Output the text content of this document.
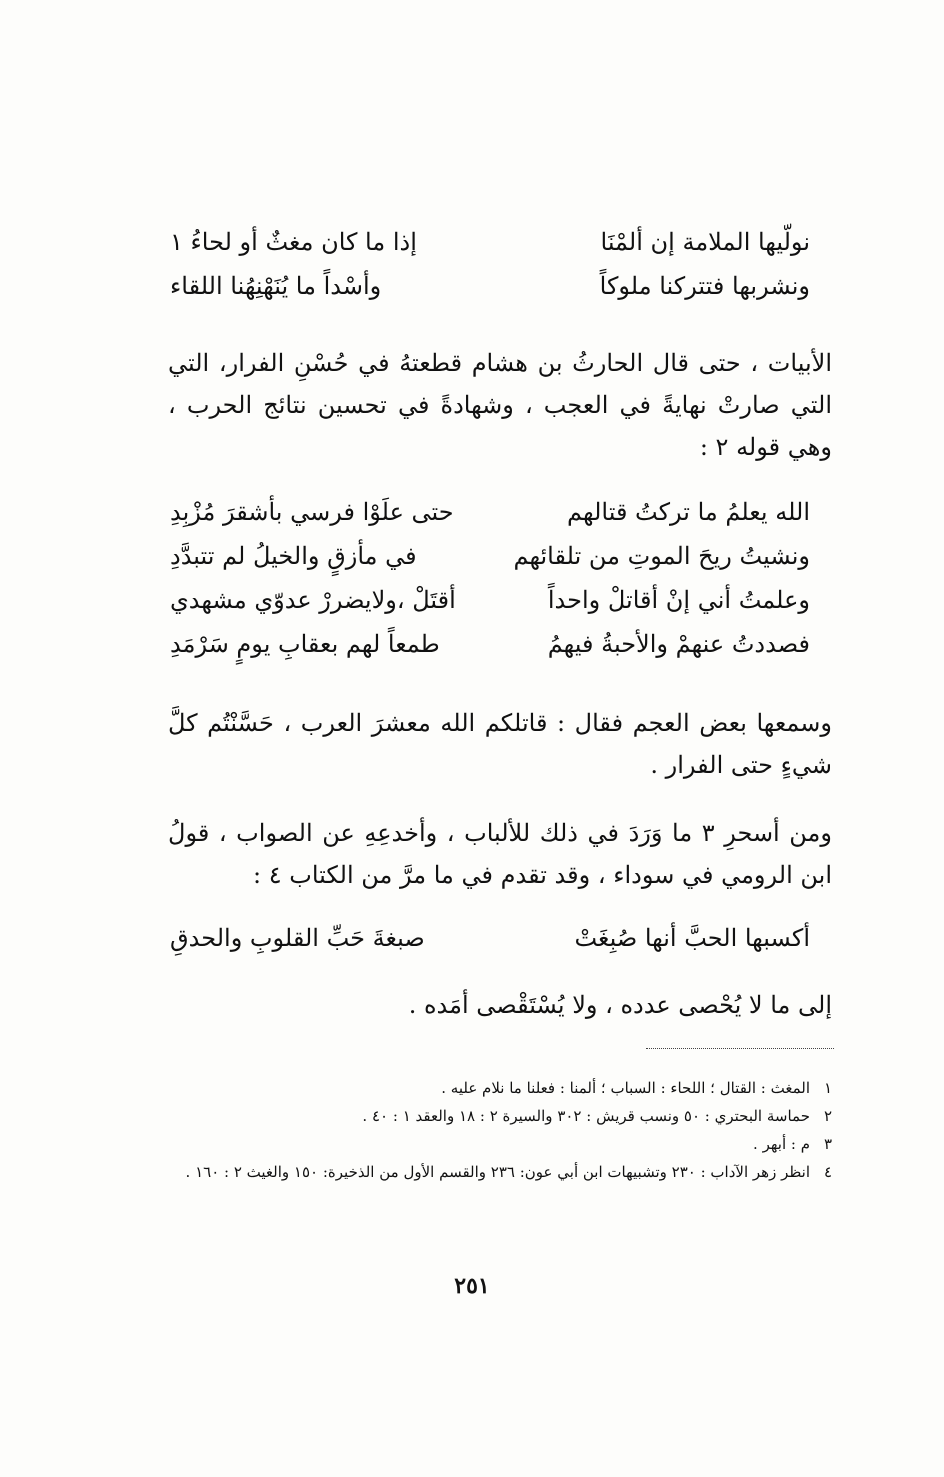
نولّيها الملامة إن ألمْنَا
إذا ما كان مغثٌ أو لحاءُ ١
ونشربها فتتركنا ملوكاً
وأسْداً ما يُنَهْنِهُنا اللقاء
الأبيات ، حتى قال الحارثُ بن هشام قطعتهُ في حُسْنِ الفرار، التي التي صارتْ نهايةً في العجب ، وشهادةً في تحسين نتائج الحرب ، وهي قوله ٢ :
الله يعلمُ ما تركتُ قتالهم
حتى علَوْا فرسي بأشقرَ مُزْبِدِ
ونشيتُ ريحَ الموتِ من تلقائهم
في مأزقٍ والخيلُ لم تتبدَّدِ
وعلمتُ أني إنْ أقاتلْ واحداً
أقتَلْ ،ولايضررْ عدوّي مشهدي
فصددتُ عنهمْ والأحبةُ فيهمُ
طمعاً لهم بعقابِ يومٍ سَرْمَدِ
وسمعها بعض العجم فقال : قاتلكم الله معشرَ العرب ، حَسَّنْتُم كلَّ شيءٍ حتى الفرار .
ومن أسحرِ ٣ ما وَرَدَ في ذلك للألباب ، وأخدعِهِ عن الصواب ، قولُ ابن الرومي في سوداء ، وقد تقدم في ما مرَّ من الكتاب ٤ :
أكسبها الحبَّ أنها صُبِغَتْ
صبغةَ حَبِّ القلوبِ والحدقِ
إلى ما لا يُحْصى عدده ، ولا يُسْتَقْصى أمَده .

١المغث : القتال ؛ اللحاء : السباب ؛ ألمنا : فعلنا ما نلام عليه .

٢حماسة البحتري : ٥٠ ونسب قريش : ٣٠٢ والسيرة ٢ : ١٨ والعقد ١ : ٤٠ .

٣م : أبهر .

٤انظر زهر الآداب : ٢٣٠ وتشبيهات ابن أبي عون: ٢٣٦ والقسم الأول من الذخيرة: ١٥٠ والغيث ٢ : ١٦٠ .

٢٥١
